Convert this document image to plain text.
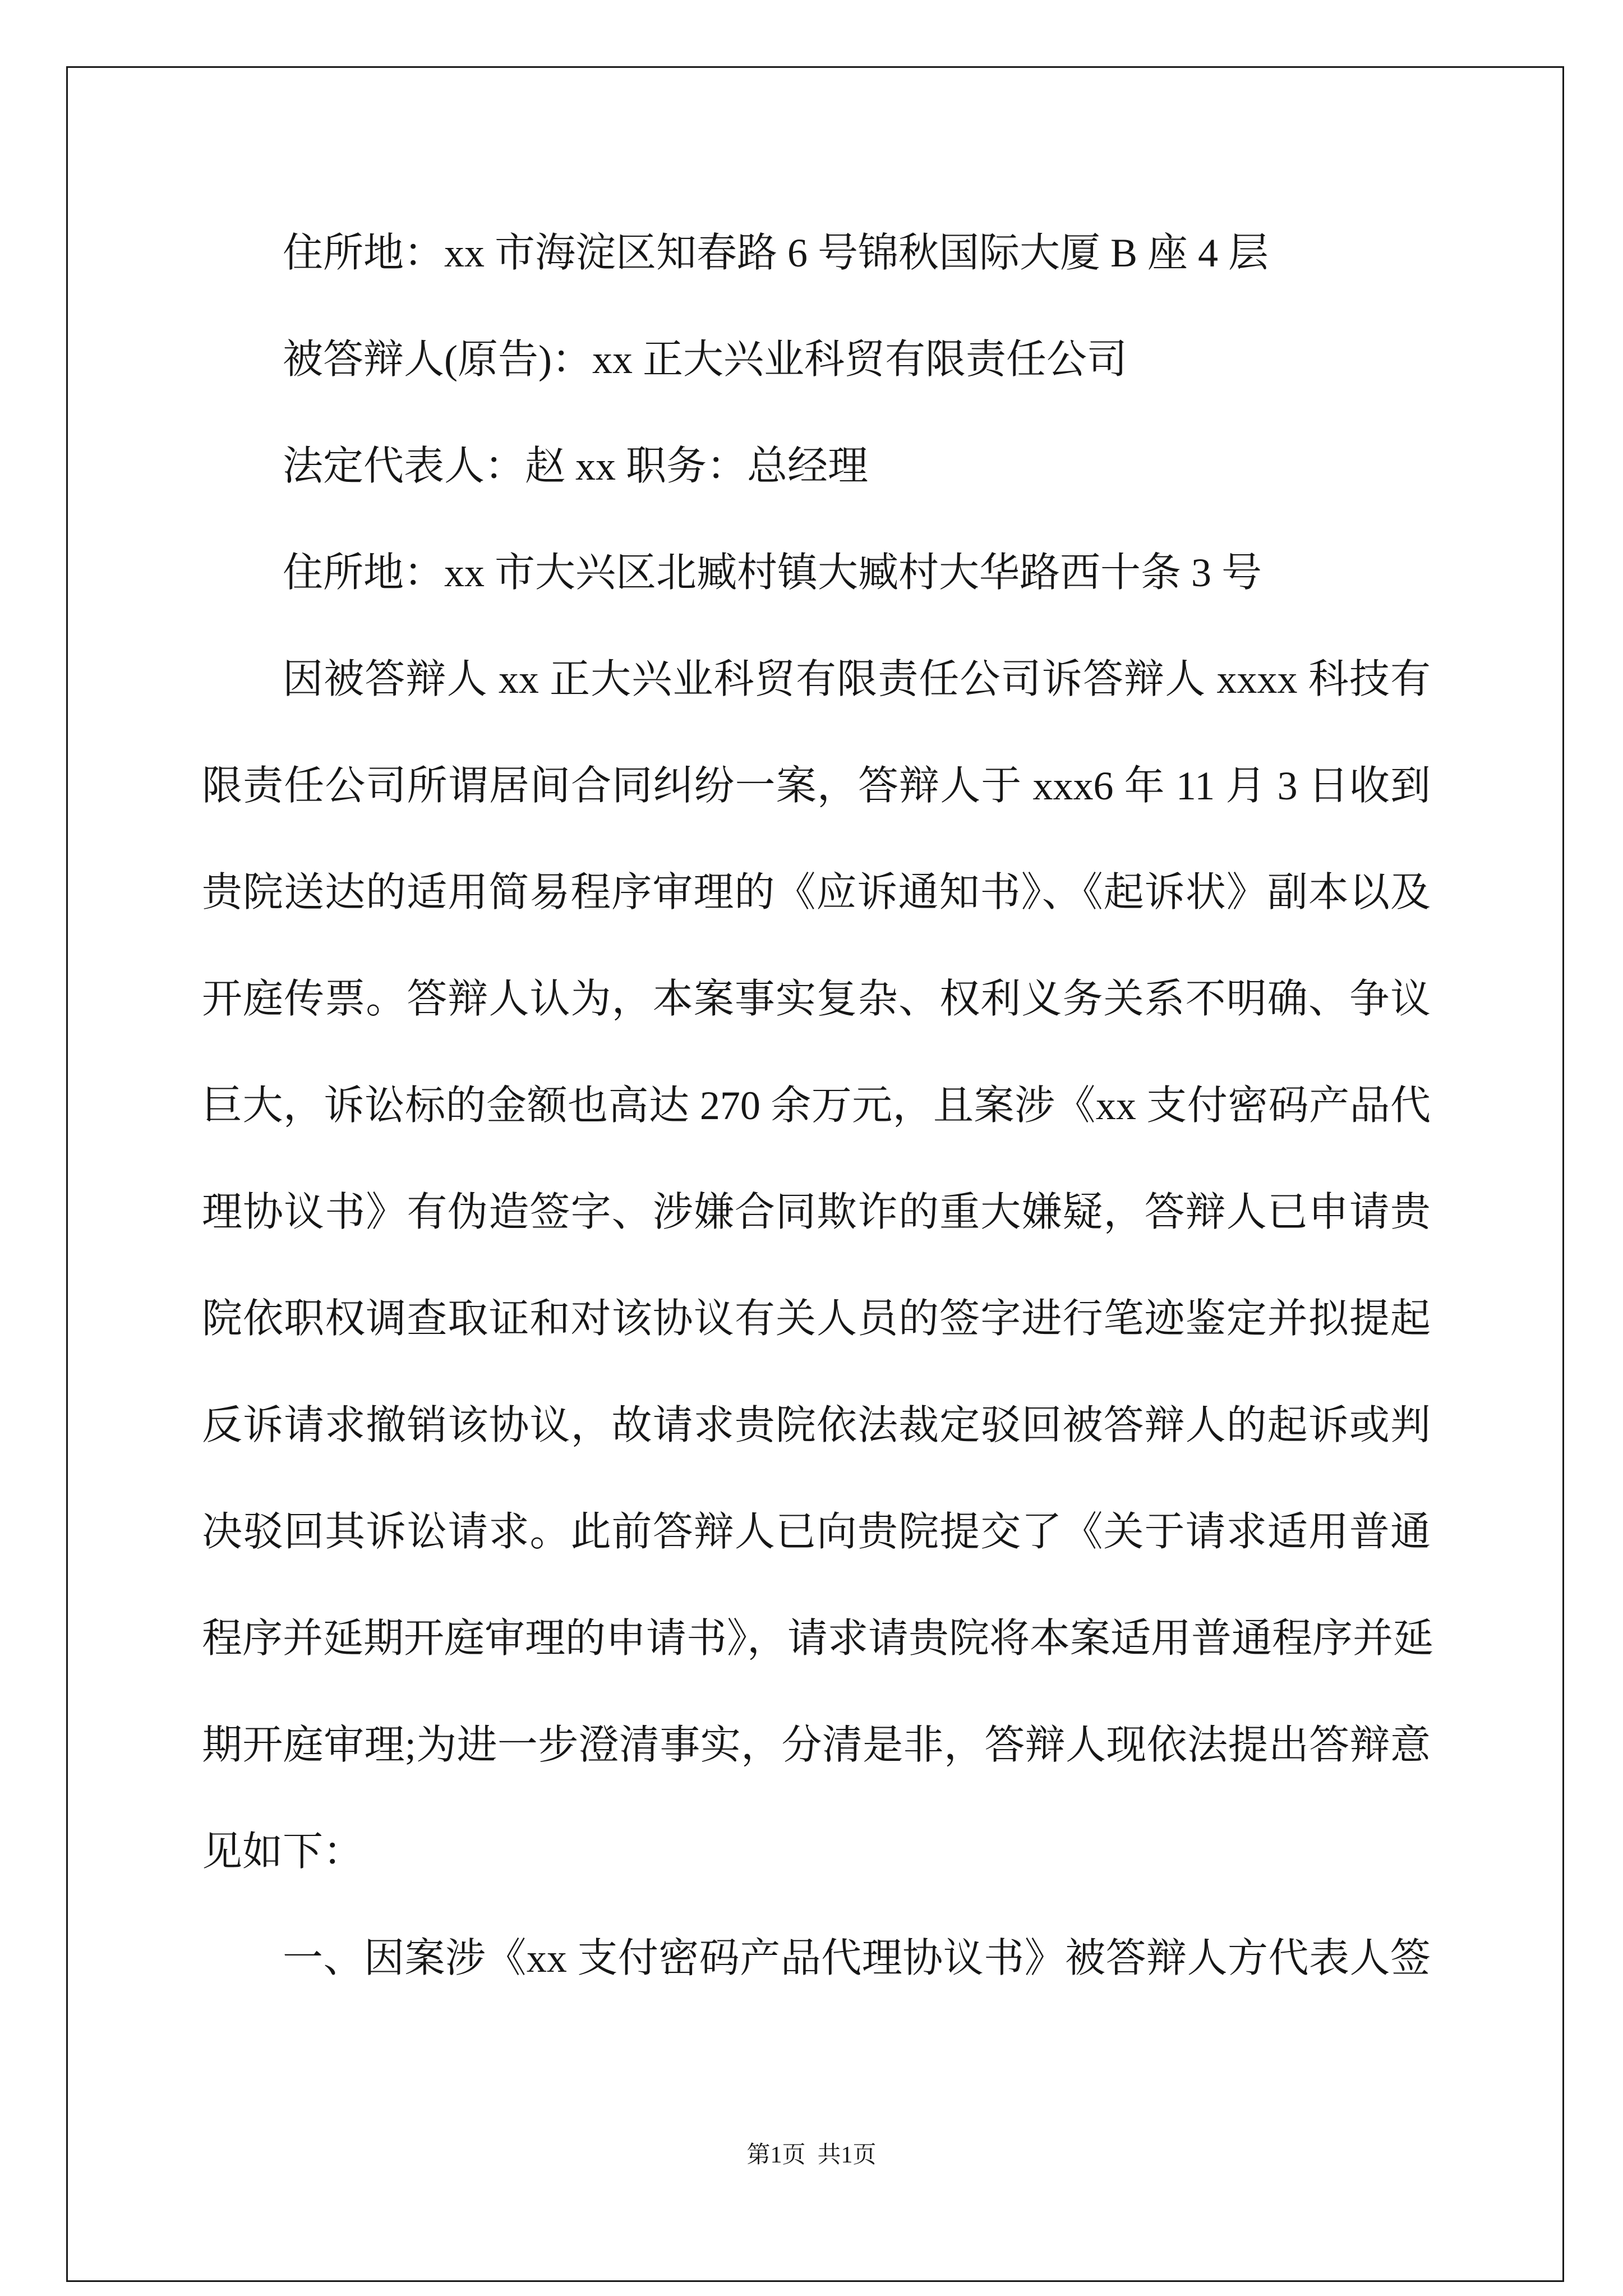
住所地：xx 市海淀区知春路 6 号锦秋国际大厦 B 座 4 层
被答辩人(原告)：xx 正大兴业科贸有限责任公司
法定代表人：赵 xx 职务：总经理
住所地：xx 市大兴区北臧村镇大臧村大华路西十条 3 号
因被答辩人 xx 正大兴业科贸有限责任公司诉答辩人 xxxx 科技有
限责任公司所谓居间合同纠纷一案，答辩人于 xxx6 年 11 月 3 日收到
贵院送达的适用简易程序审理的《应诉通知书》、《起诉状》副本以及
开庭传票。答辩人认为，本案事实复杂、权利义务关系不明确、争议
巨大，诉讼标的金额也高达 270 余万元，且案涉《xx 支付密码产品代
理协议书》有伪造签字、涉嫌合同欺诈的重大嫌疑，答辩人已申请贵
院依职权调查取证和对该协议有关人员的签字进行笔迹鉴定并拟提起
反诉请求撤销该协议，故请求贵院依法裁定驳回被答辩人的起诉或判
决驳回其诉讼请求。此前答辩人已向贵院提交了《关于请求适用普通
程序并延期开庭审理的申请书》，请求请贵院将本案适用普通程序并延
期开庭审理;为进一步澄清事实，分清是非，答辩人现依法提出答辩意
见如下：
一、因案涉《xx 支付密码产品代理协议书》被答辩人方代表人签
第1页  共1页
